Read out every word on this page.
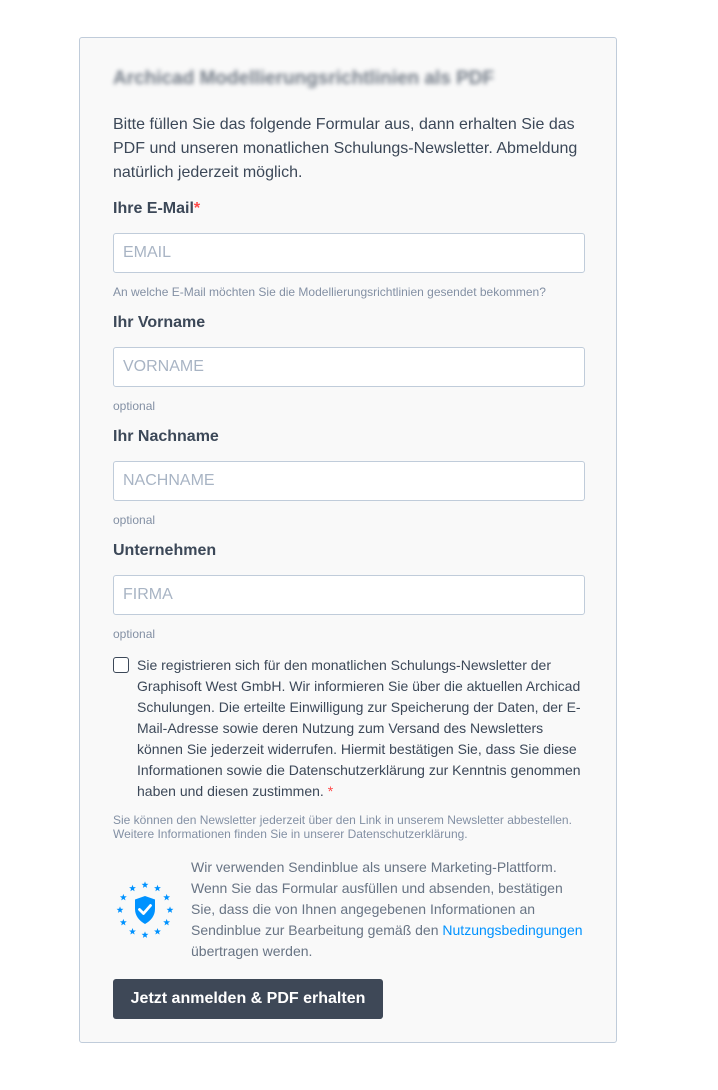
Archicad Modellierungsrichtlinien als PDF
Bitte füllen Sie das folgende Formular aus, dann erhalten Sie das PDF und unseren monatlichen Schulungs-Newsletter. Abmeldung natürlich jederzeit möglich.
Ihre E-Mail*
EMAIL
An welche E-Mail möchten Sie die Modellierungsrichtlinien gesendet bekommen?
Ihr Vorname
VORNAME
optional
Ihr Nachname
NACHNAME
optional
Unternehmen
FIRMA
optional
Sie registrieren sich für den monatlichen Schulungs-Newsletter der Graphisoft West GmbH. Wir informieren Sie über die aktuellen Archicad Schulungen. Die erteilte Einwilligung zur Speicherung der Daten, der E-Mail-Adresse sowie deren Nutzung zum Versand des Newsletters können Sie jederzeit widerrufen. Hiermit bestätigen Sie, dass Sie diese Informationen sowie die Datenschutzerklärung zur Kenntnis genommen haben und diesen zustimmen. *
Sie können den Newsletter jederzeit über den Link in unserem Newsletter abbestellen. Weitere Informationen finden Sie in unserer Datenschutzerklärung.
Wir verwenden Sendinblue als unsere Marketing-Plattform. Wenn Sie das Formular ausfüllen und absenden, bestätigen Sie, dass die von Ihnen angegebenen Informationen an Sendinblue zur Bearbeitung gemäß den Nutzungsbedingungen übertragen werden.
Jetzt anmelden & PDF erhalten
